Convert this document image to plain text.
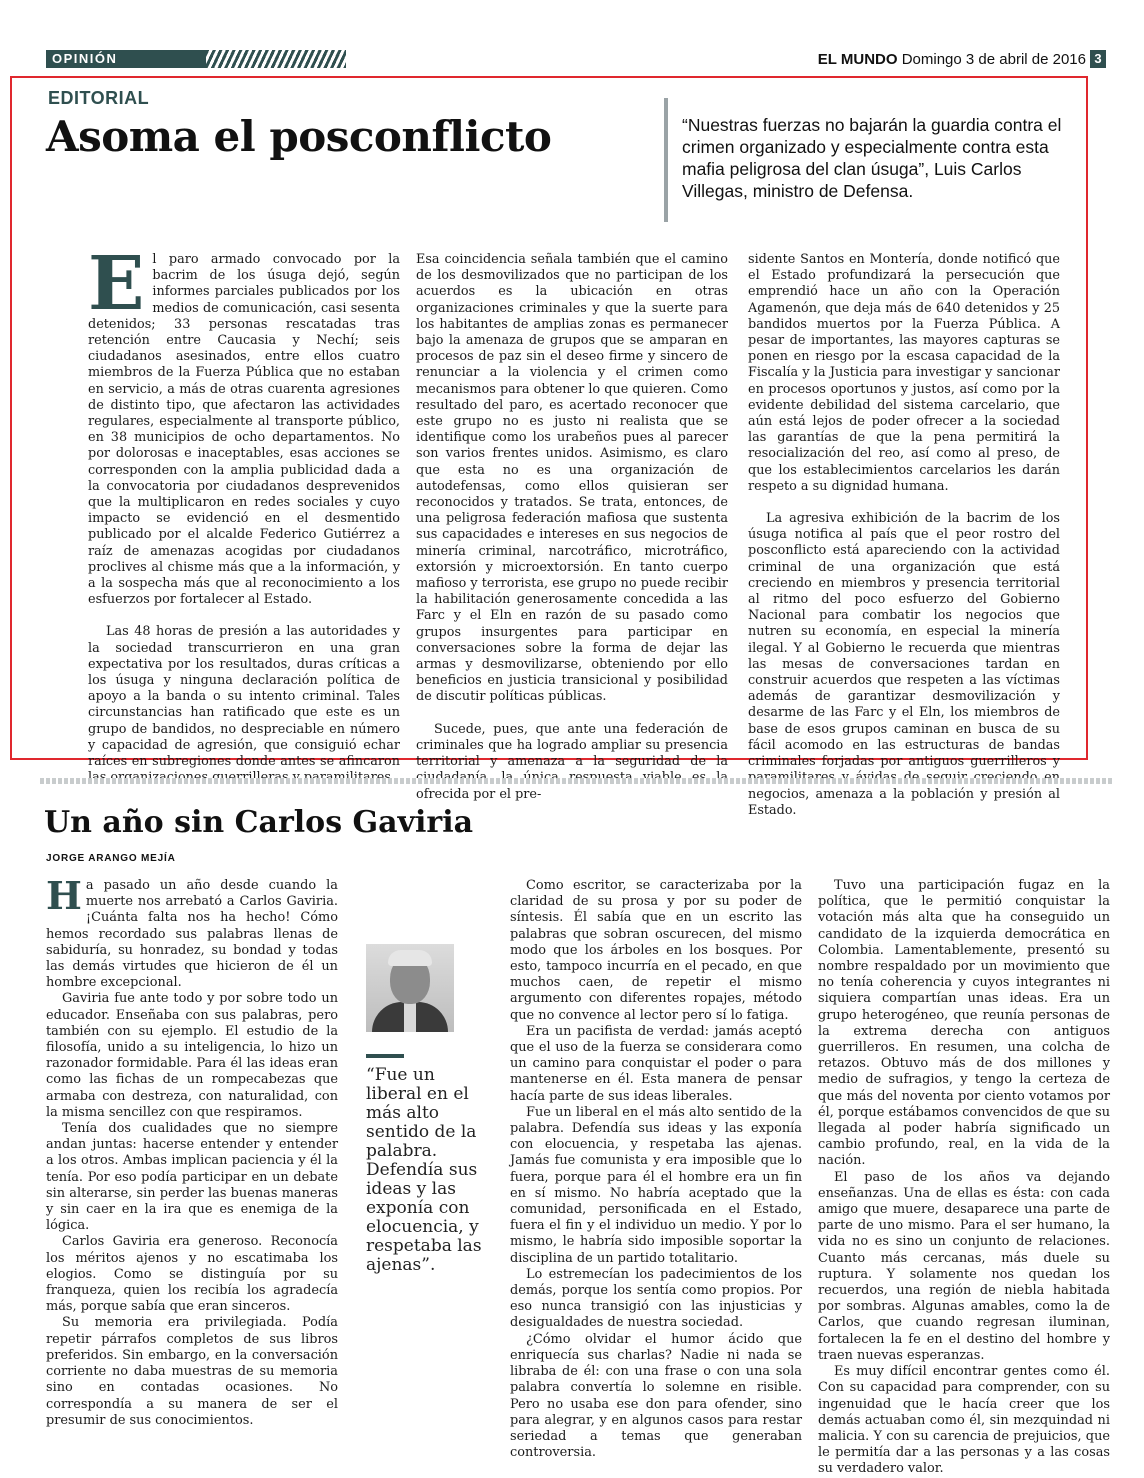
OPINIÓN	EL MUNDO Domingo 3 de abril de 2016 3
EDITORIAL
Asoma el posconflicto	“Nuestras fuerzas no bajarán la guardia contra el crimen organizado y especialmente contra esta mafia peligrosa del clan úsuga”, Luis Carlos Villegas, ministro de Defensa.

El paro armado convocado por la bacrim de los úsuga dejó, según informes parciales publicados por los medios de comunicación, casi sesenta detenidos; 33 personas rescatadas tras retención entre Caucasia y Nechí; seis ciudadanos asesinados, entre ellos cuatro miembros de la Fuerza Pública que no estaban en servicio, a más de otras cuarenta agresiones de distinto tipo, que afectaron las actividades regulares, especialmente al transporte público, en 38 municipios de ocho departamentos. No por dolorosas e inaceptables, esas acciones se corresponden con la amplia publicidad dada a la convocatoria por ciudadanos desprevenidos que la multiplicaron en redes sociales y cuyo impacto se evidenció en el desmentido publicado por el alcalde Federico Gutiérrez a raíz de amenazas acogidas por ciudadanos proclives al chisme más que a la información, y a la sospecha más que al reconocimiento a los esfuerzos por fortalecer al Estado.

Las 48 horas de presión a las autoridades y la sociedad transcurrieron en una gran expectativa por los resultados, duras críticas a los úsuga y ninguna declaración política de apoyo a la banda o su intento criminal. Tales circunstancias han ratificado que este es un grupo de bandidos, no despreciable en número y capacidad de agresión, que consiguió echar raíces en subregiones donde antes se afincaron

Esa coincidencia señala también que el camino de los desmovilizados que no participan de los acuerdos es la ubicación en otras organizaciones criminales y que la suerte para los habitantes de amplias zonas es permanecer bajo la amenaza de grupos que se amparan en procesos de paz sin el deseo firme y sincero de renunciar a la violencia y el crimen como mecanismos para obtener lo que quieren. Como resultado del paro, es acertado reconocer que este grupo no es justo ni realista que se identifique como los urabeños pues al parecer son varios frentes unidos. Asimismo, es claro que esta no es una organización de autodefensas, como ellos quisieran ser reconocidos y tratados. Se trata, entonces, de una peligrosa federación mafiosa que sustenta sus capacidades e intereses en sus negocios de minería criminal, narcotráfico, microtráfico, extorsión y microextorsión. En tanto cuerpo mafioso y terrorista, ese grupo no puede recibir la habilitación generosamente concedida a las Farc y el Eln en razón de su pasado como grupos insurgentes para participar en conversaciones sobre la forma de dejar las armas y desmovilizarse, obteniendo por ello beneficios en justicia transicional y posibilidad de discutir políticas públicas.

Sucede, pues, que ante una federación de criminales que ha logrado ampliar su presencia territorial y amenaza a la seguridad de la ofrecida por el pre-

sidente Santos en Montería, donde notificó que el Estado profundizará la persecución que emprendió hace un año con la Operación Agamenón, que deja más de 640 detenidos y 25 bandidos muertos por la Fuerza Pública. A pesar de importantes, las mayores capturas se ponen en riesgo por la escasa capacidad de la Fiscalía y la Justicia para investigar y sancionar en procesos oportunos y justos, así como por la evidente debilidad del sistema carcelario, que aún está lejos de poder ofrecer a la sociedad las garantías de que la pena permitirá la resocialización del reo, así como al preso, de que los establecimientos carcelarios les darán respeto a su dignidad humana.

La agresiva exhibición de la bacrim de los úsuga notifica al país que el peor rostro del posconflicto está apareciendo con la actividad criminal de una organización que está creciendo en miembros y presencia territorial al ritmo del poco esfuerzo del Gobierno Nacional para combatir los negocios que nutren su economía, en especial la minería ilegal. Y al Gobierno le recuerda que mientras las mesas de conversaciones tardan en construir acuerdos que respeten a las víctimas además de garantizar desmovilización y desarme de las Farc y el Eln, los miembros de base de esos grupos caminan en busca de su fácil acomodo en las estructuras de bandas criminales forjadas por antiguos guerrilleros y negocios, amenaza a la población y presión al Estado.

Un año sin Carlos Gaviria
JORGE ARANGO MEJÍA

Ha pasado un año desde cuando la muerte nos arrebató a Carlos Gaviria. ¡Cuánta falta nos ha hecho! Cómo hemos recordado sus palabras llenas de sabiduría, su honradez, su bondad y todas las demás virtudes que hicieron de él un hombre excepcional.

Gaviria fue ante todo y por sobre todo un educador. Enseñaba con sus palabras, pero también con su ejemplo. El estudio de la filosofía, unido a su inteligencia, lo hizo un razonador formidable. Para él las ideas eran como las fichas de un rompecabezas que armaba con destreza, con naturalidad, con la misma sencillez con que respiramos.

Tenía dos cualidades que no siempre andan juntas: hacerse entender y entender a los otros. Ambas implican paciencia y él la tenía. Por eso podía participar en un debate sin alterarse, sin perder las buenas maneras y sin caer en la ira que es enemiga de la lógica.

Carlos Gaviria era generoso. Reconocía los méritos ajenos y no escatimaba los elogios. Como se distinguía por su franqueza, quien los recibía los agradecía más, porque sabía que eran sinceros.

Su memoria era privilegiada. Podía repetir párrafos completos de sus libros preferidos. Sin embargo, en la conversación corriente no daba muestras de su memoria sino en contadas ocasiones. No correspondía a su manera de ser el presumir de sus conocimientos.

“Fue un liberal en el más alto sentido de la palabra. Defendía sus ideas y las exponía con elocuencia, y respetaba las ajenas”.

Como escritor, se caracterizaba por la claridad de su prosa y por su poder de síntesis. Él sabía que en un escrito las palabras que sobran oscurecen, del mismo modo que los árboles en los bosques. Por esto, tampoco incurría en el pecado, en que muchos caen, de repetir el mismo argumento con diferentes ropajes, método que no convence al lector pero sí lo fatiga.

Era un pacifista de verdad: jamás aceptó que el uso de la fuerza se considerara como un camino para conquistar el poder o para mantenerse en él. Esta manera de pensar hacía parte de sus ideas liberales.

Fue un liberal en el más alto sentido de la palabra. Defendía sus ideas y las exponía con elocuencia, y respetaba las ajenas. Jamás fue comunista y era imposible que lo fuera, porque para él el hombre era un fin en sí mismo. No habría aceptado que la comunidad, personificada en el Estado, fuera el fin y el individuo un medio. Y por lo mismo, le habría sido imposible soportar la disciplina de un partido totalitario.

Lo estremecían los padecimientos de los demás, porque los sentía como propios. Por eso nunca transigió con las injusticias y desigualdades de nuestra sociedad.

¿Cómo olvidar el humor ácido que enriquecía sus charlas? Nadie ni nada se libraba de él: con una frase o con una sola palabra convertía lo solemne en risible. Pero no usaba ese don para ofender, sino para alegrar, y en algunos casos para restar seriedad a temas que generaban controversia.

Tuvo una participación fugaz en la política, que le permitió conquistar la votación más alta que ha conseguido un candidato de la izquierda democrática en Colombia. Lamentablemente, presentó su nombre respaldado por un movimiento que no tenía coherencia y cuyos integrantes ni siquiera compartían unas ideas. Era un grupo heterogéneo, que reunía personas de la extrema derecha con antiguos guerrilleros. En resumen, una colcha de retazos. Obtuvo más de dos millones y medio de sufragios, y tengo la certeza de que más del noventa por ciento votamos por él, porque estábamos convencidos de que su llegada al poder habría significado un cambio profundo, real, en la vida de la nación.

El paso de los años va dejando enseñanzas. Una de ellas es ésta: con cada amigo que muere, desaparece una parte de parte de uno mismo. Para el ser humano, la vida no es sino un conjunto de relaciones. Cuanto más cercanas, más duele su ruptura. Y solamente nos quedan los recuerdos, una región de niebla habitada por sombras. Algunas amables, como la de Carlos, que cuando regresan iluminan, fortalecen la fe en el destino del hombre y traen nuevas esperanzas.

Es muy difícil encontrar gentes como él. Con su capacidad para comprender, con su ingenuidad que le hacía creer que los demás actuaban como él, sin mezquindad ni malicia. Y con su carencia de prejuicios, que le permitía dar a las personas y a las cosas su verdadero valor.
